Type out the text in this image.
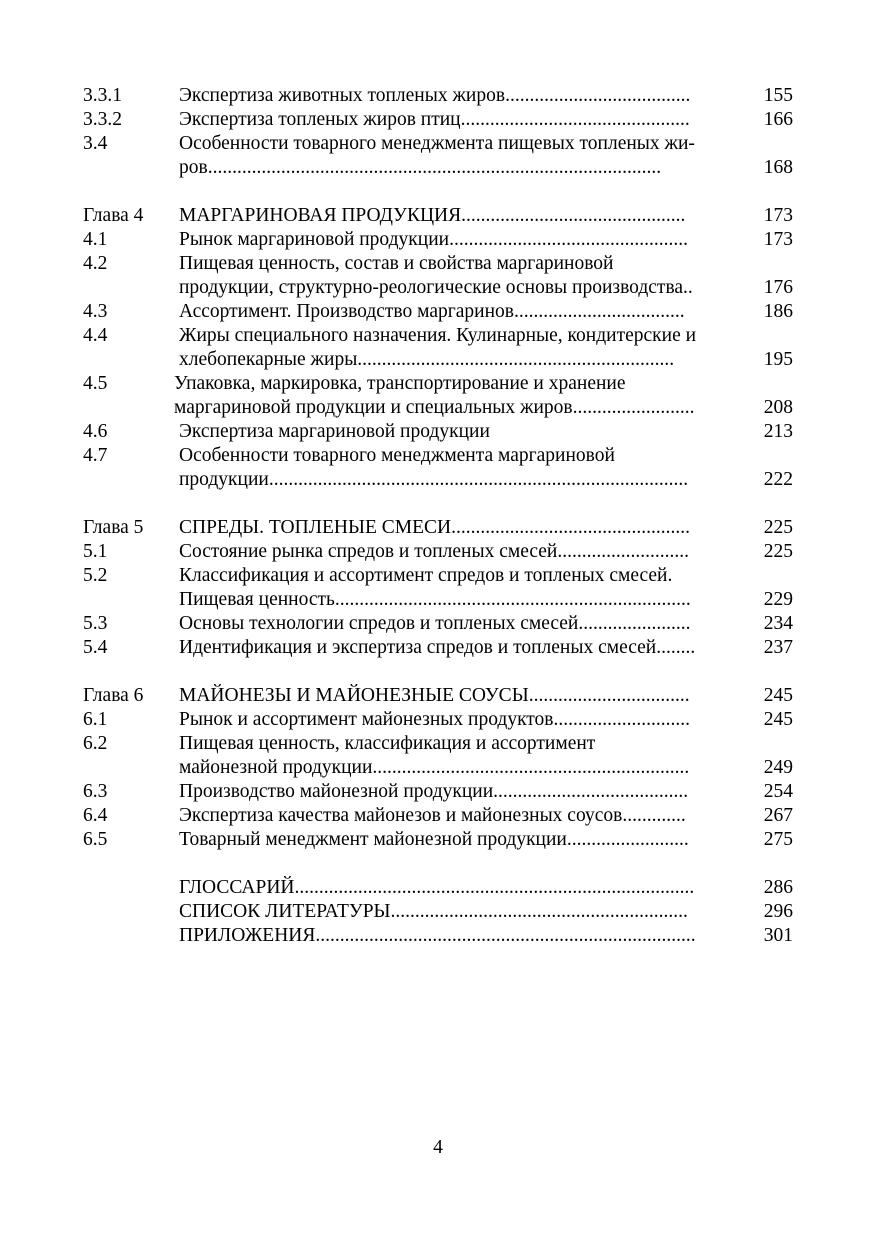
3.3.1	Экспертиза животных топленых жиров......................................	155
3.3.2	Экспертиза топленых жиров птиц...............................................	166
3.4	Особенности товарного менеджмента пищевых топленых жи-
ров.............................................................................................	168
Глава 4 МАРГАРИНОВАЯ ПРОДУКЦИЯ..............................................	173
4.1	Рынок маргариновой продукции.................................................	173
4.2	Пищевая ценность, состав и свойства маргариновой
продукции, структурно-реологические основы производства..	176
4.3	Ассортимент. Производство маргаринов...................................	186
4.4	Жиры специального назначения. Кулинарные, кондитерские и
хлебопекарные жиры.................................................................	195
4.5	Упаковка, маркировка, транспортирование и хранение
маргариновой продукции и специальных жиров.........................	208
4.6	Экспертиза маргариновой продукции	213
4.7	Особенности товарного менеджмента маргариновой
продукции......................................................................................	222
Глава 5 СПРЕДЫ. ТОПЛЕНЫЕ СМЕСИ.................................................	225
5.1	Состояние рынка спредов и топленых смесей...........................	225
5.2	Классификация и ассортимент спредов и топленых смесей.
Пищевая ценность.........................................................................	229
5.3	Основы технологии спредов и топленых смесей.......................	234
5.4	Идентификация и экспертиза спредов и топленых смесей........	237
Глава 6 МАЙОНЕЗЫ И МАЙОНЕЗНЫЕ СОУСЫ.................................	245
6.1	Рынок и ассортимент майонезных продуктов............................	245
6.2	Пищевая ценность, классификация и ассортимент
майонезной продукции.................................................................	249
6.3	Производство майонезной продукции........................................	254
6.4	Экспертиза качества майонезов и майонезных соусов.............	267
6.5	Товарный менеджмент майонезной продукции.........................	275
ГЛОССАРИЙ..................................................................................	286
СПИСОК ЛИТЕРАТУРЫ.............................................................	296
ПРИЛОЖЕНИЯ..............................................................................	301
4
